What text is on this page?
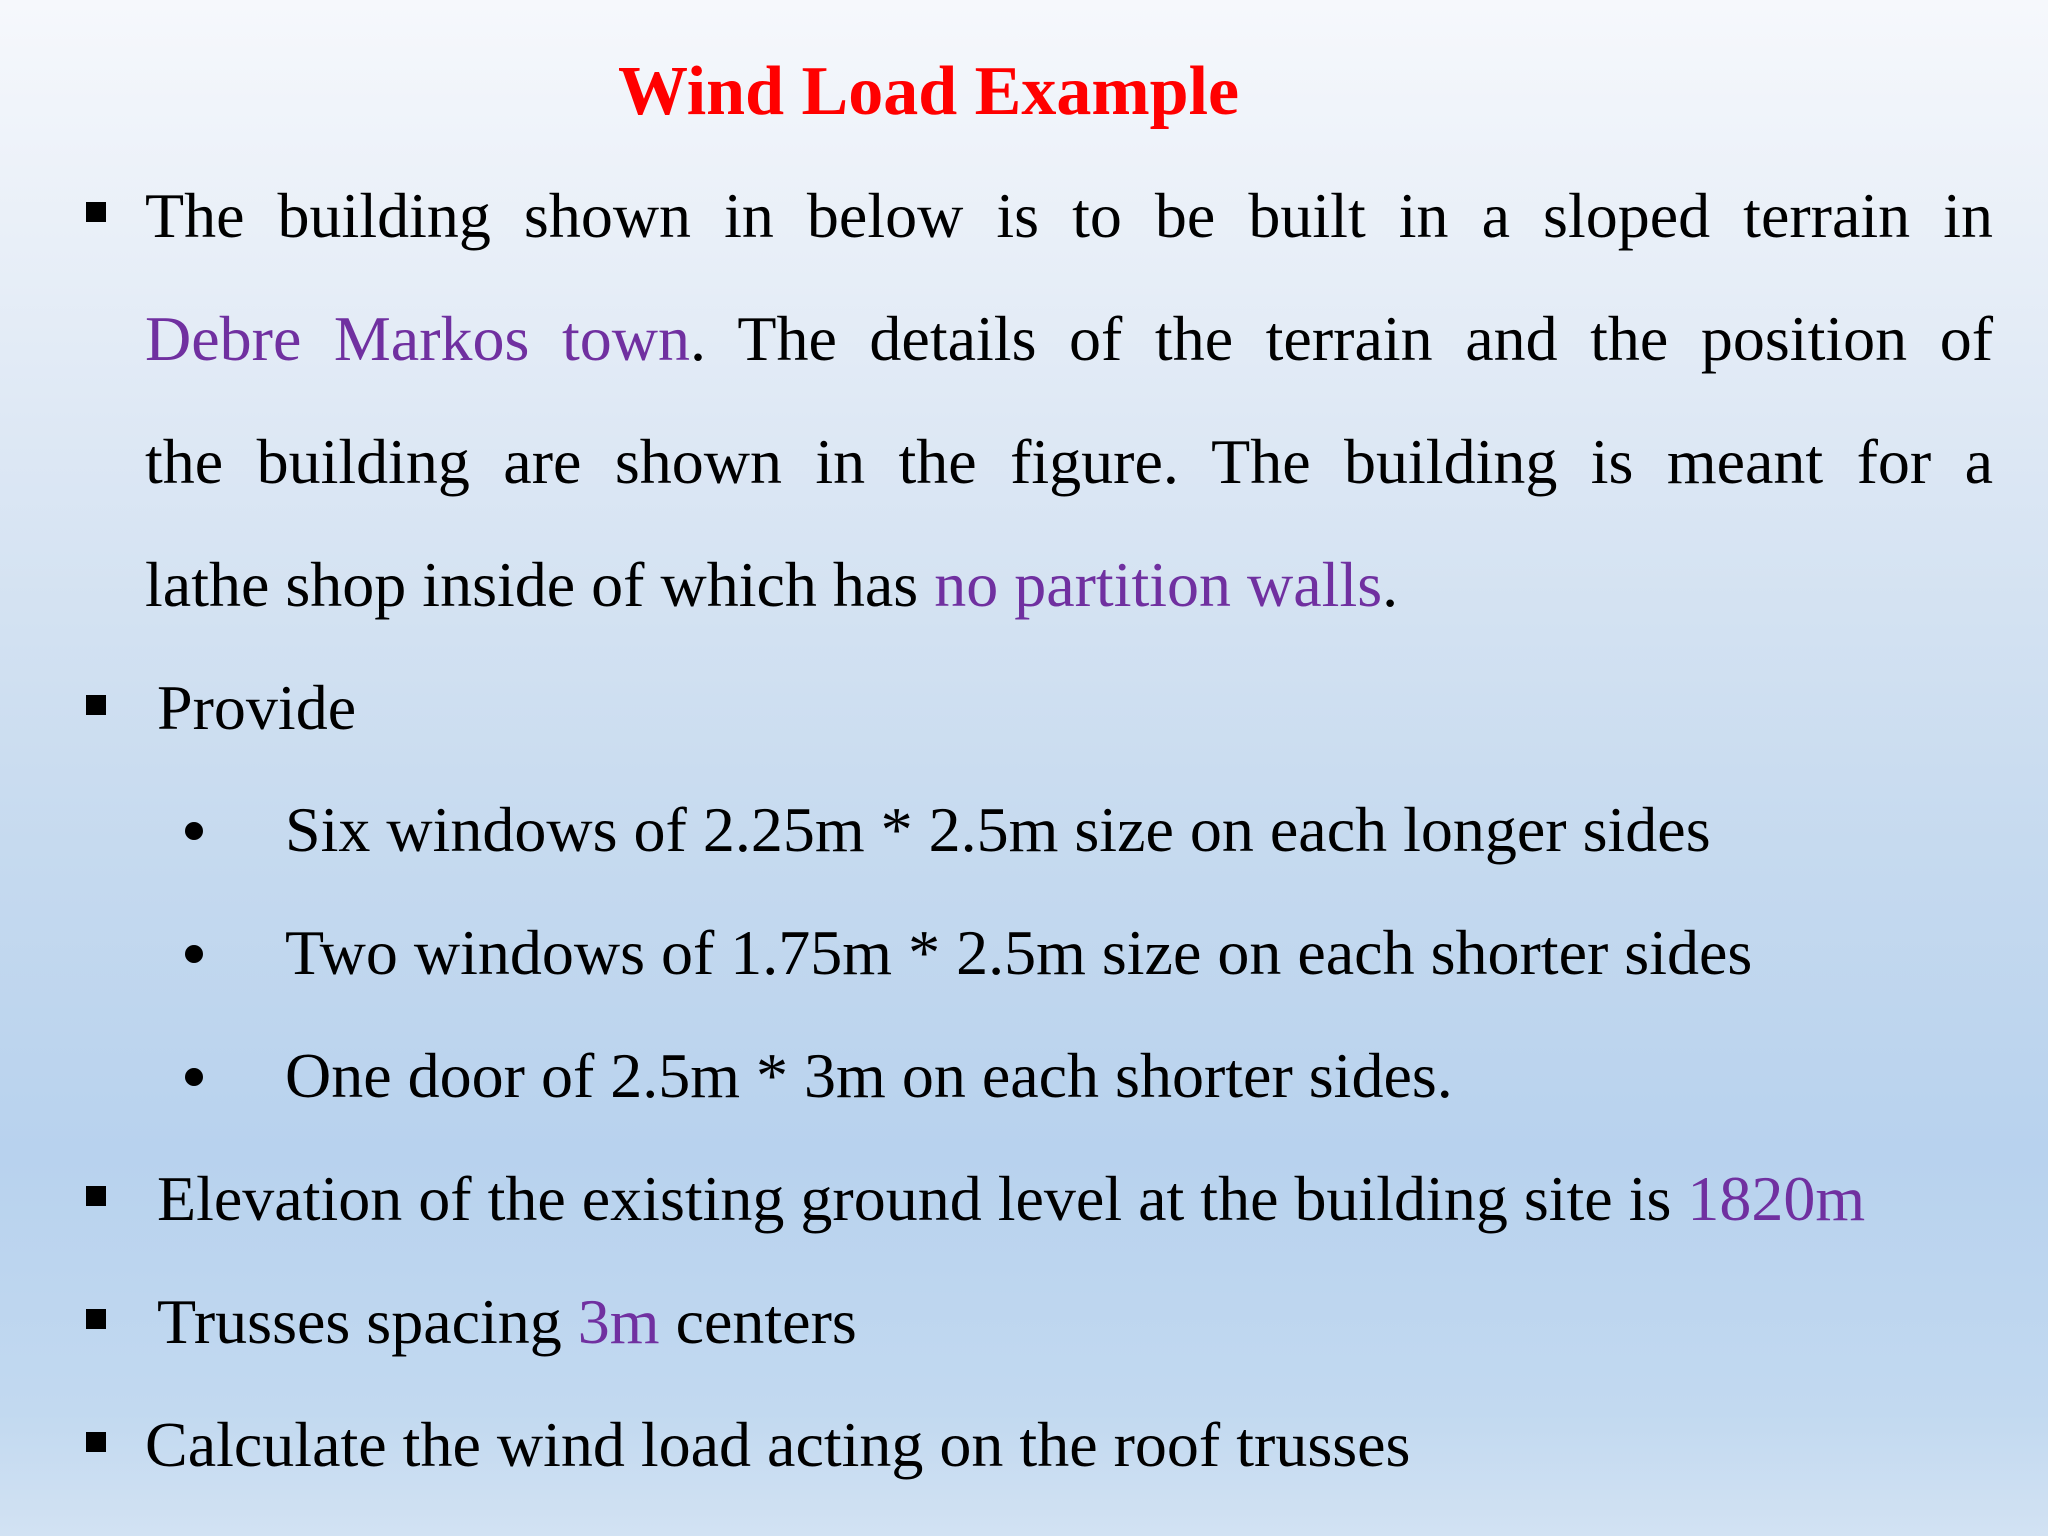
Wind Load Example
The building shown in below is to be built in a sloped terrain in
Debre Markos town. The details of the terrain and the position of
the building are shown in the figure. The building is meant for a
lathe shop inside of which has no partition walls.
Provide
Six windows of 2.25m * 2.5m size on each longer sides
Two windows of 1.75m * 2.5m size on each shorter sides
One door of 2.5m * 3m on each shorter sides.
Elevation of the existing ground level at the building site is 1820m
Trusses spacing 3m centers
Calculate the wind load acting on the roof trusses
